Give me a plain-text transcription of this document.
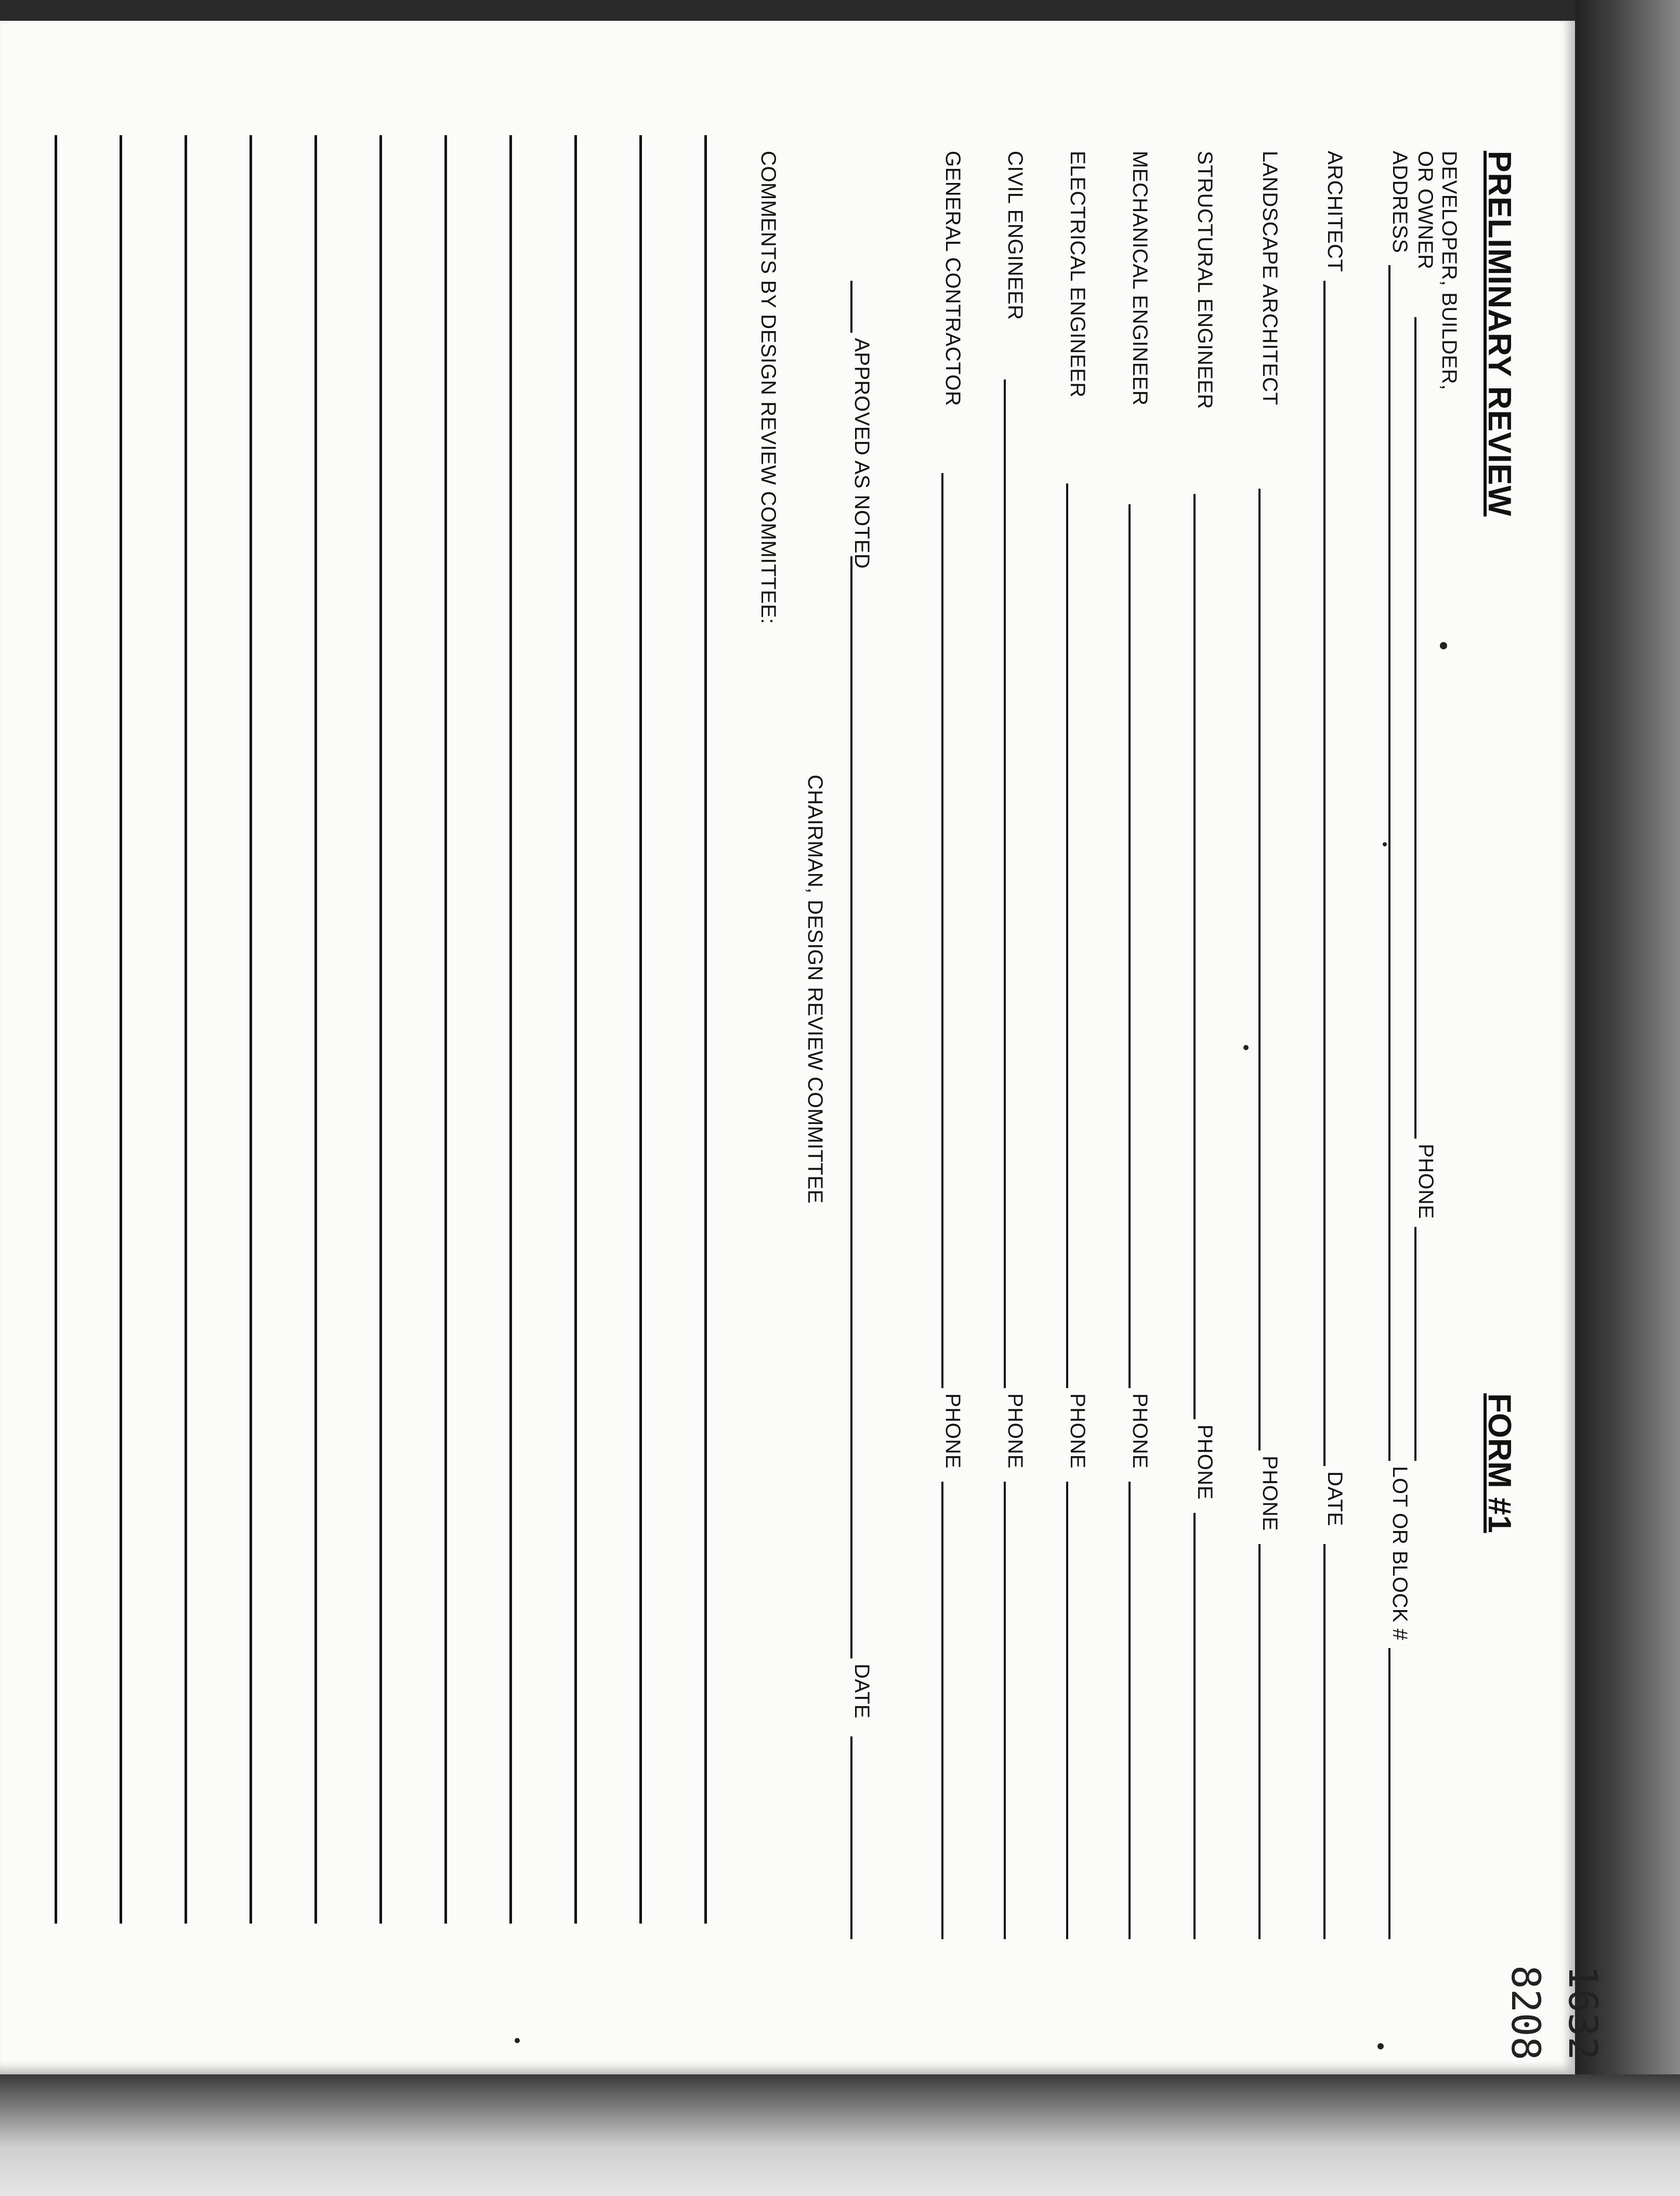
PRELIMINARY REVIEW
FORM #1
1632
8208
DEVELOPER, BUILDER,
OR OWNER
PHONE
ADDRESS
LOT OR BLOCK #
ARCHITECT
DATE
LANDSCAPE ARCHITECT
PHONE
STRUCTURAL ENGINEER
PHONE
MECHANICAL ENGINEER
PHONE
ELECTRICAL ENGINEER
PHONE
CIVIL ENGINEER
PHONE
GENERAL CONTRACTOR
PHONE
APPROVED AS NOTED
DATE
CHAIRMAN, DESIGN REVIEW COMMITTEE
COMMENTS BY DESIGN REVIEW COMMITTEE:
